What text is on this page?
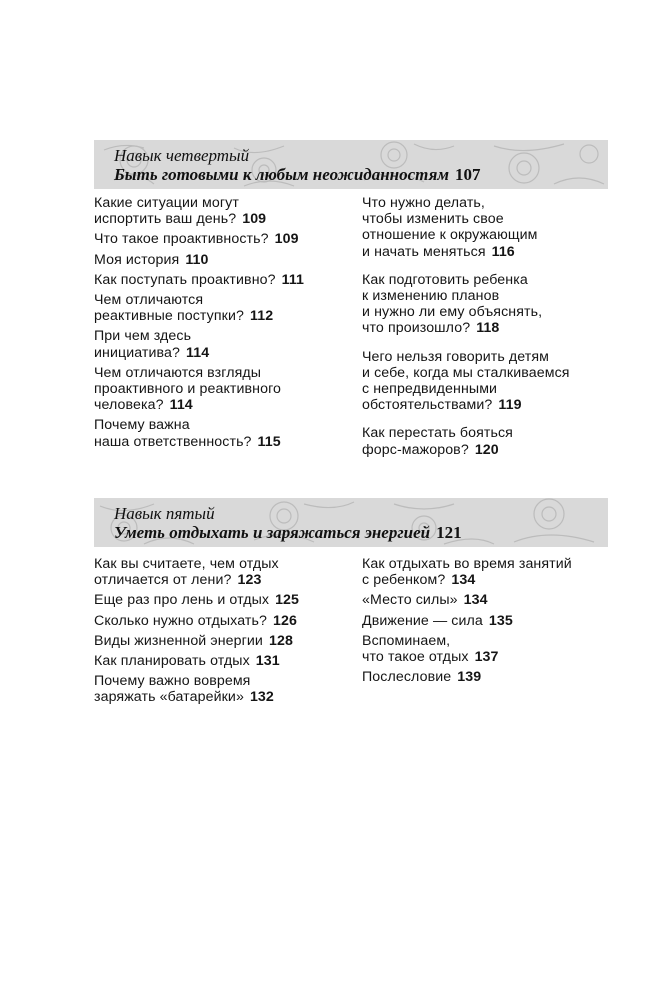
Навык четвертый
Быть готовыми к любым неожиданностям 107
Какие ситуации могут
испортить ваш день? 109
Что такое проактивность? 109
Моя история 110
Как поступать проактивно? 111
Чем отличаются
реактивные поступки? 112
При чем здесь
инициатива? 114
Чем отличаются взгляды
проактивного и реактивного
человека? 114
Почему важна
наша ответственность? 115
Что нужно делать,
чтобы изменить свое
отношение к окружающим
и начать меняться 116
Как подготовить ребенка
к изменению планов
и нужно ли ему объяснять,
что произошло? 118
Чего нельзя говорить детям
и себе, когда мы сталкиваемся
с непредвиденными
обстоятельствами? 119
Как перестать бояться
форс-мажоров? 120
Навык пятый
Уметь отдыхать и заряжаться энергией 121
Как вы считаете, чем отдых
отличается от лени? 123
Еще раз про лень и отдых 125
Сколько нужно отдыхать? 126
Виды жизненной энергии 128
Как планировать отдых 131
Почему важно вовремя
заряжать «батарейки» 132
Как отдыхать во время занятий
с ребенком? 134
«Место силы» 134
Движение — сила 135
Вспоминаем,
что такое отдых 137
Послесловие 139
